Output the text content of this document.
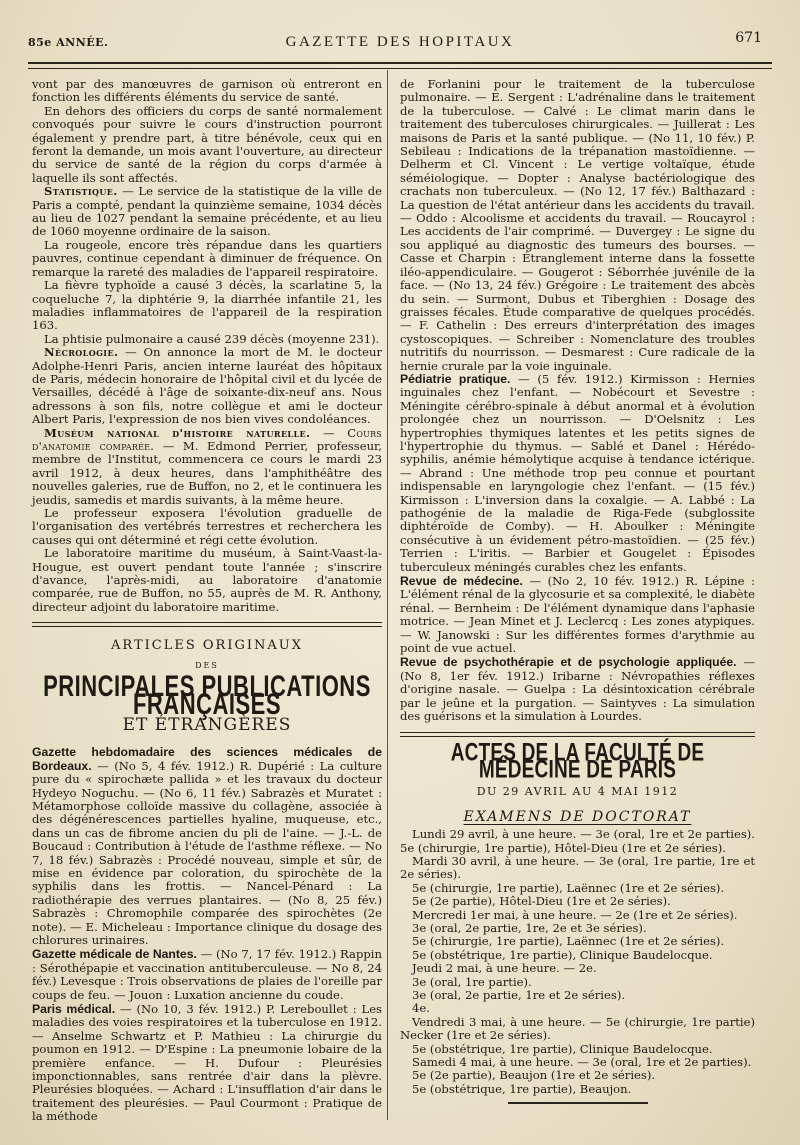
85e ANNÉE.	GAZETTE DES HOPITAUX	671

vont par des manœuvres de garnison où entreront en fonction les différents éléments du service de santé.

En dehors des officiers du corps de santé normalement convoqués pour suivre le cours d'instruction pourront également y prendre part, à titre bénévole, ceux qui en feront la demande, un mois avant l'ouverture, au directeur du service de santé de la région du corps d'armée à laquelle ils sont affectés.

Statistique. — Le service de la statistique de la ville de Paris a compté, pendant la quinzième semaine, 1034 décès au lieu de 1027 pendant la semaine précédente, et au lieu de 1060 moyenne ordinaire de la saison.

La rougeole, encore très répandue dans les quartiers pauvres, continue cependant à diminuer de fréquence. On remarque la rareté des maladies de l'appareil respiratoire.

La fièvre typhoïde a causé 3 décès, la scarlatine 5, la coqueluche 7, la diphtérie 9, la diarrhée infantile 21, les maladies inflammatoires de l'appareil de la respiration 163.

La phtisie pulmonaire a causé 239 décès (moyenne 231).

Nécrologie. — On annonce la mort de M. le docteur Adolphe-Henri Paris, ancien interne lauréat des hôpitaux de Paris, médecin honoraire de l'hôpital civil et du lycée de Versailles, décédé à l'âge de soixante-dix-neuf ans. Nous adressons à son fils, notre collègue et ami le docteur Albert Paris, l'expression de nos bien vives condoléances.

Muséum national d'histoire naturelle. — Cours d'anatomie comparée. — M. Edmond Perrier, professeur, membre de l'Institut, commencera ce cours le mardi 23 avril 1912, à deux heures, dans l'amphithéâtre des nouvelles galeries, rue de Buffon, no 2, et le continuera les jeudis, samedis et mardis suivants, à la même heure.

Le professeur exposera l'évolution graduelle de l'organisation des vertébrés terrestres et recherchera les causes qui ont déterminé et régi cette évolution.

Le laboratoire maritime du muséum, à Saint-Vaast-la-Hougue, est ouvert pendant toute l'année ; s'inscrire d'avance, l'après-midi, au laboratoire d'anatomie comparée, rue de Buffon, no 55, auprès de M. R. Anthony, directeur adjoint du laboratoire maritime.

ARTICLES ORIGINAUX
DES
PRINCIPALES PUBLICATIONS FRANÇAISES
ET ÉTRANGÈRES

Gazette hebdomadaire des sciences médicales de Bordeaux. — (No 5, 4 fév. 1912.) R. Dupérié : La culture pure du « spirochæte pallida » et les travaux du docteur Hydeyo Noguchu. — (No 6, 11 fév.) Sabrazès et Muratet : Métamorphose colloïde massive du collagène, associée à des dégénérescences partielles hyaline, muqueuse, etc., dans un cas de fibrome ancien du pli de l'aine. — J.-L. de Boucaud : Contribution à l'étude de l'asthme réflexe. — No 7, 18 fév.) Sabrazès : Procédé nouveau, simple et sûr, de mise en évidence par coloration, du spirochète de la syphilis dans les frottis. — Nancel-Pénard : La radiothérapie des verrues plantaires. — (No 8, 25 fév.) Sabrazès : Chromophile comparée des spirochètes (2e note). — E. Micheleau : Importance clinique du dosage des chlorures urinaires.

Gazette médicale de Nantes. — (No 7, 17 fév. 1912.) Rappin : Sérothépapie et vaccination antituberculeuse. — No 8, 24 fév.) Levesque : Trois observations de plaies de l'oreille par coups de feu. — Jouon : Luxation ancienne du coude.

Paris médical. — (No 10, 3 fév. 1912.) P. Lereboullet : Les maladies des voies respiratoires et la tuberculose en 1912. — Anselme Schwartz et P. Mathieu : La chirurgie du poumon en 1912. — D'Espine : La pneumonie lobaire de la première enfance. — H. Dufour : Pleurésies imponctionnables, sans rentrée d'air dans la plèvre. Pleurésies bloquées. — Achard : L'insufflation d'air dans le traitement des pleurésies. — Paul Courmont : Pratique de la méthode

de Forlanini pour le traitement de la tuberculose pulmonaire. — E. Sergent : L'adrénaline dans le traitement de la tuberculose. — Calvé : Le climat marin dans le traitement des tuberculoses chirurgicales. — Juillerat : Les maisons de Paris et la santé publique. — (No 11, 10 fév.) P. Sebileau : Indications de la trépanation mastoïdienne. — Delherm et Cl. Vincent : Le vertige voltaïque, étude séméiologique. — Dopter : Analyse bactériologique des crachats non tuberculeux. — (No 12, 17 fév.) Balthazard : La question de l'état antérieur dans les accidents du travail. — Oddo : Alcoolisme et accidents du travail. — Roucayrol : Les accidents de l'air comprimé. — Duvergey : Le signe du sou appliqué au diagnostic des tumeurs des bourses. — Casse et Charpin : Étranglement interne dans la fossette iléo-appendiculaire. — Gougerot : Séborrhée juvénile de la face. — (No 13, 24 fév.) Grégoire : Le traitement des abcès du sein. — Surmont, Dubus et Tiberghien : Dosage des graisses fécales. Étude comparative de quelques procédés. — F. Cathelin : Des erreurs d'interprétation des images cystoscopiques. — Schreiber : Nomenclature des troubles nutritifs du nourrisson. — Desmarest : Cure radicale de la hernie crurale par la voie inguinale.

Pédiatrie pratique. — (5 fév. 1912.) Kirmisson : Hernies inguinales chez l'enfant. — Nobécourt et Sevestre : Méningite cérébro-spinale à début anormal et à évolution prolongée chez un nourrisson. — D'Oelsnitz : Les hypertrophies thymiques latentes et les petits signes de l'hypertrophie du thymus. — Sablé et Danel : Hérédo-syphilis, anémie hémolytique acquise à tendance ictérique. — Abrand : Une méthode trop peu connue et pourtant indispensable en laryngologie chez l'enfant. — (15 fév.) Kirmisson : L'inversion dans la coxalgie. — A. Labbé : La pathogénie de la maladie de Riga-Fede (subglossite diphtéroïde de Comby). — H. Aboulker : Méningite consécutive à un évidement pétro-mastoïdien. — (25 fév.) Terrien : L'iritis. — Barbier et Gougelet : Épisodes tuberculeux méningés curables chez les enfants.

Revue de médecine. — (No 2, 10 fév. 1912.) R. Lépine : L'élément rénal de la glycosurie et sa complexité, le diabète rénal. — Bernheim : De l'élément dynamique dans l'aphasie motrice. — Jean Minet et J. Leclercq : Les zones atypiques. — W. Janowski : Sur les différentes formes d'arythmie au point de vue actuel.

Revue de psychothérapie et de psychologie appliquée. — (No 8, 1er fév. 1912.) Iribarne : Névropathies réflexes d'origine nasale. — Guelpa : La désintoxication cérébrale par le jeûne et la purgation. — Saintyves : La simulation des guérisons et la simulation à Lourdes.

ACTES DE LA FACULTÉ DE MÉDECINE DE PARIS
DU 29 AVRIL AU 4 MAI 1912
EXAMENS DE DOCTORAT

Lundi 29 avril, à une heure. — 3e (oral, 1re et 2e parties). 5e (chirurgie, 1re partie), Hôtel-Dieu (1re et 2e séries).

Mardi 30 avril, à une heure. — 3e (oral, 1re partie, 1re et 2e séries).

5e (chirurgie, 1re partie), Laënnec (1re et 2e séries).

5e (2e partie), Hôtel-Dieu (1re et 2e séries).

Mercredi 1er mai, à une heure. — 2e (1re et 2e séries).

3e (oral, 2e partie, 1re, 2e et 3e séries).

5e (chirurgie, 1re partie), Laënnec (1re et 2e séries).

5e (obstétrique, 1re partie), Clinique Baudelocque.

Jeudi 2 mai, à une heure. — 2e.

3e (oral, 1re partie).

3e (oral, 2e partie, 1re et 2e séries).

4e.

Vendredi 3 mai, à une heure. — 5e (chirurgie, 1re partie) Necker (1re et 2e séries).

5e (obstétrique, 1re partie), Clinique Baudelocque.

Samedi 4 mai, à une heure. — 3e (oral, 1re et 2e parties).

5e (2e partie), Beaujon (1re et 2e séries).

5e (obstétrique, 1re partie), Beaujon.
